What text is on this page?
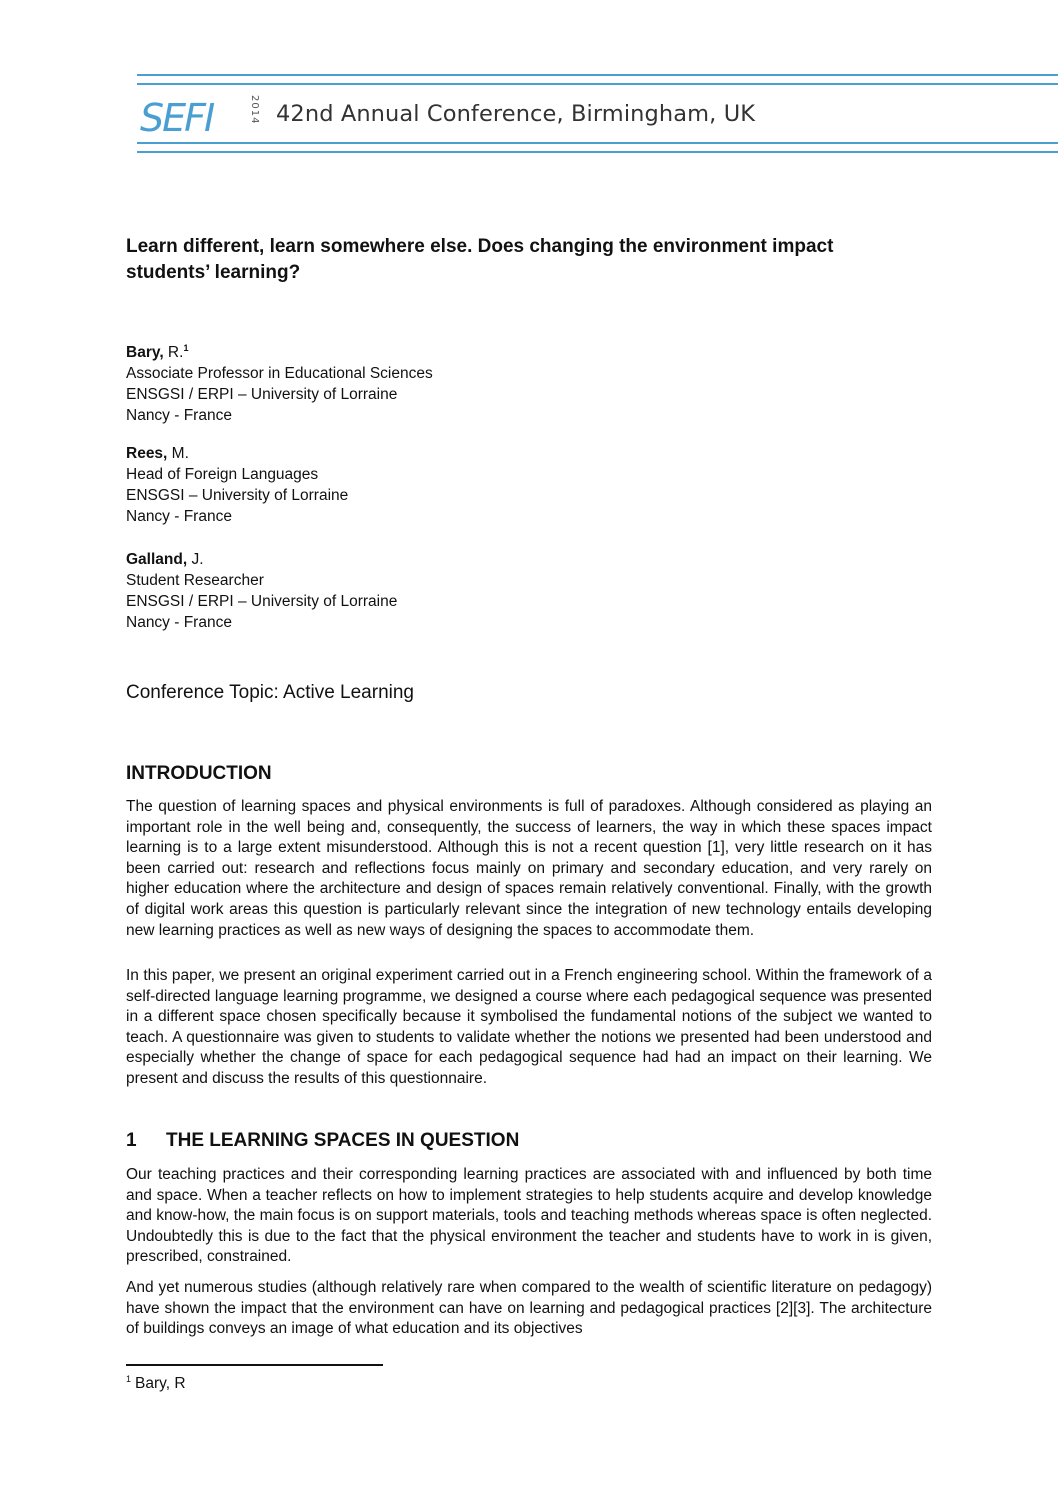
SEFI	2014 42nd Annual Conference, Birmingham, UK
Learn different, learn somewhere else. Does changing the environment impact
students’ learning?
Bary, R.$^1$
Associate Professor in Educational Sciences
ENSGSI / ERPI – University of Lorraine
Nancy - France
Rees, M.
Head of Foreign Languages
ENSGSI – University of Lorraine
Nancy - France
Galland, J.
Student Researcher
ENSGSI / ERPI – University of Lorraine
Nancy - France
Conference Topic: Active Learning
INTRODUCTION

The question of learning spaces and physical environments is full of paradoxes. Although considered as playing an important role in the well being and, consequently, the success of learners, the way in which these spaces impact learning is to a large extent misunderstood. Although this is not a recent question [1], very little research on it has been carried out: research and reflections focus mainly on primary and secondary education, and very rarely on higher education where the architecture and design of spaces remain relatively conventional. Finally, with the growth of digital work areas this question is particularly relevant since the integration of new technology entails developing new learning practices as well as new ways of designing the spaces to accommodate them.

In this paper, we present an original experiment carried out in a French engineering school. Within the framework of a self-directed language learning programme, we designed a course where each pedagogical sequence was presented in a different space chosen specifically because it symbolised the fundamental notions of the subject we wanted to teach. A questionnaire was given to students to validate whether the notions we presented had been understood and especially whether the change of space for each pedagogical sequence had had an impact on their learning. We present and discuss the results of this questionnaire.

1 THE LEARNING SPACES IN QUESTION

Our teaching practices and their corresponding learning practices are associated with and influenced by both time and space. When a teacher reflects on how to implement strategies to help students acquire and develop knowledge and know-how, the main focus is on support materials, tools and teaching methods whereas space is often neglected. Undoubtedly this is due to the fact that the physical environment the teacher and students have to work in is given, prescribed, constrained.

And yet numerous studies (although relatively rare when compared to the wealth of scientific literature on pedagogy) have shown the impact that the environment can have on learning and pedagogical practices [2][3]. The architecture of buildings conveys an image of what education and its objectives

$^1$ Bary, R
